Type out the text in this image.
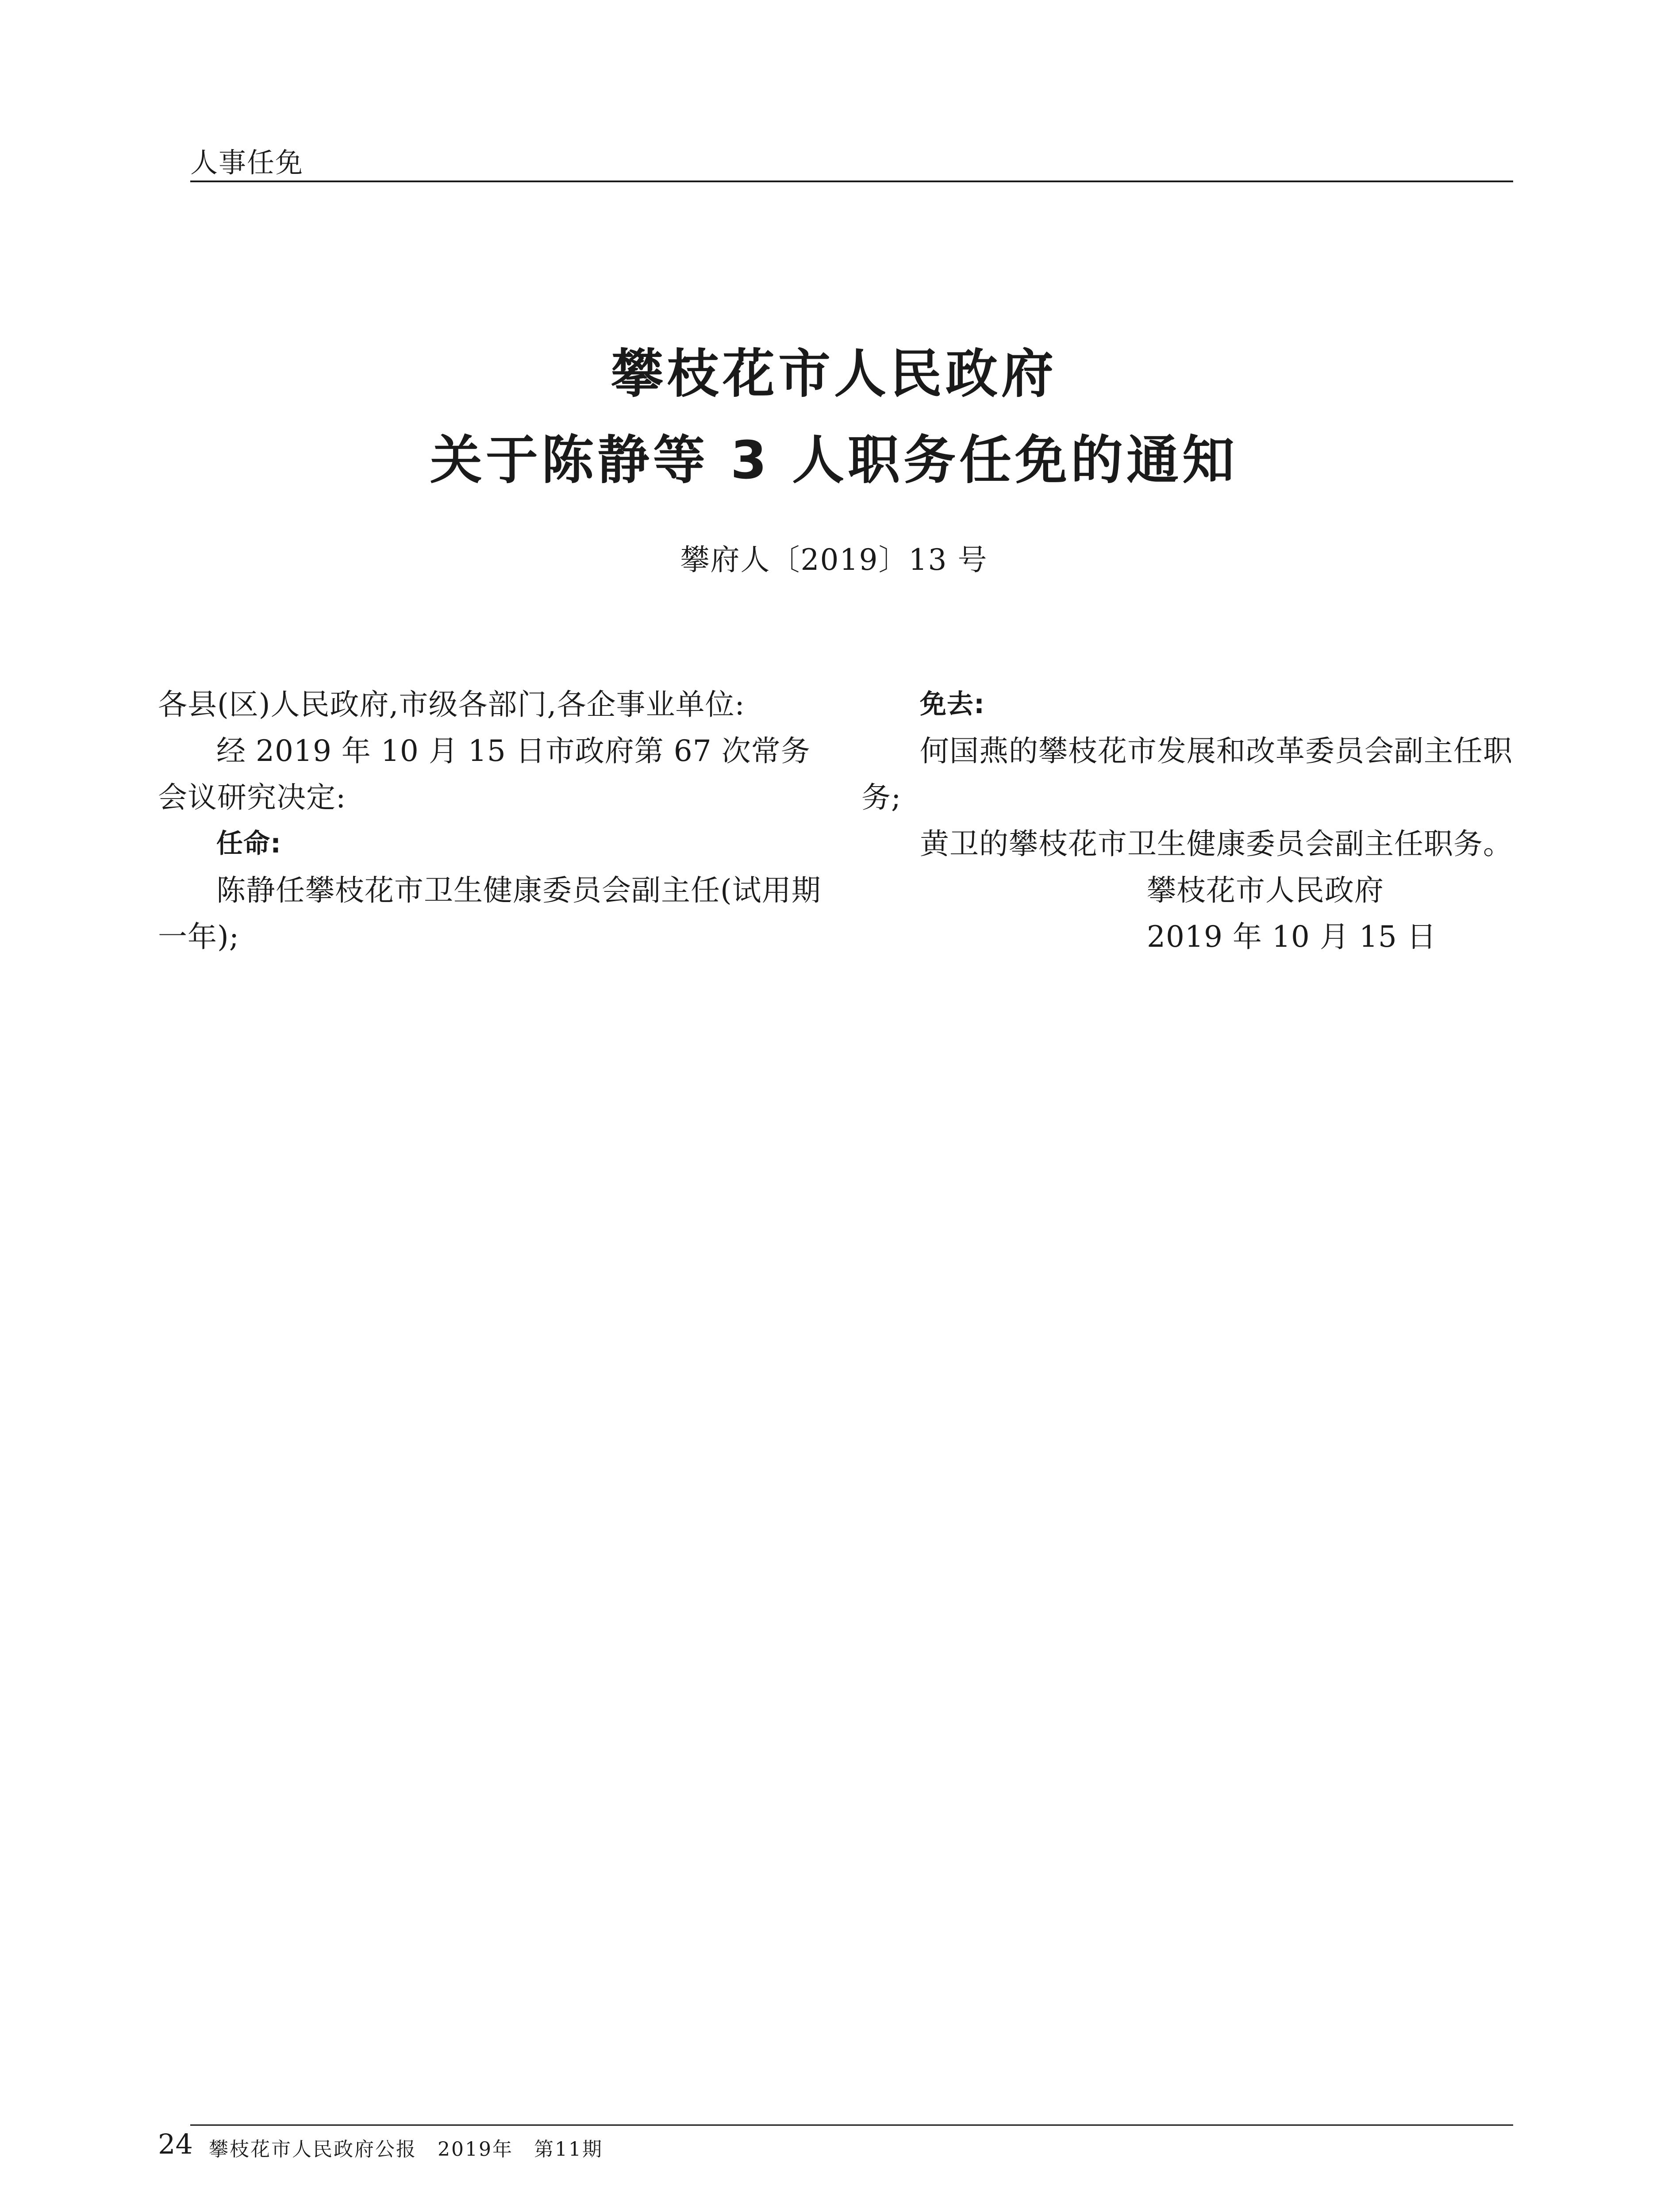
人事任免
攀枝花市人民政府
关于陈静等 3 人职务任免的通知
攀府人〔2019〕13 号

各县(区)人民政府,市级各部门,各企事业单位:

经 2019 年 10 月 15 日市政府第 67 次常务会议研究决定:

任命:

陈静任攀枝花市卫生健康委员会副主任(试用期一年);

免去:

何国燕的攀枝花市发展和改革委员会副主任职务;

黄卫的攀枝花市卫生健康委员会副主任职务。

攀枝花市人民政府

2019 年 10 月 15 日

24 攀枝花市人民政府公报　2019年　第11期
